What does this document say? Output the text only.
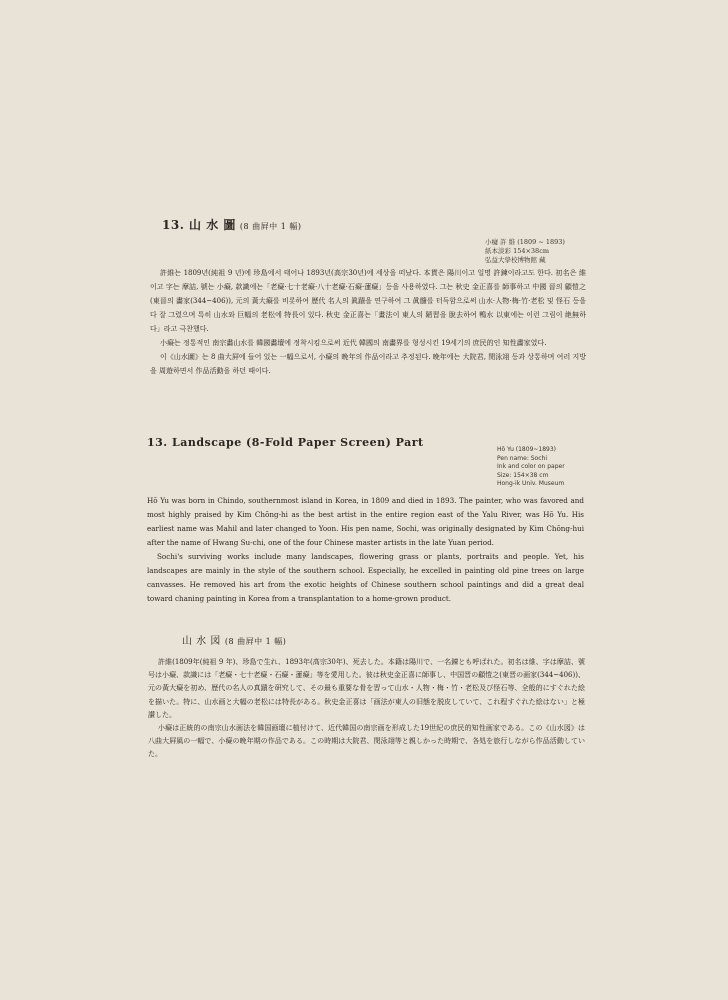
13. 山 水 圖 (8 曲屛中 1 幅)
小癡 許 維 (1809 ~ 1893)
紙本淡彩 154×38cm
弘益大學校博物館 藏

許維는 1809년(純祖 9 년)에 珍島에서 태어나 1893년(高宗30년)에 세상을 떠났다. 本貫은 陽川이고 일명 許鍊이라고도 한다. 初名은 維이고 字는 摩詰, 號는 小癡, 款識에는「老癡·七十老癡·八十老癡·石癡·蓮癡」등을 사용하였다. 그는 秋史 金正喜를 師事하고 中國 晉의 顧愷之(東晉의 畵家(344~406)), 元의 黃大癡를 비롯하여 歷代 名人의 眞蹟을 연구하여 그 眞髓를 터득함으로써 山水·人物·梅·竹·老松 및 怪石 등을 다 잘 그렸으며 특히 山水와 巨幅의 老松에 特長이 있다. 秋史 金正喜는「畫法이 東人의 陋習을 脫去하여 鴨水 以東에는 이런 그림이 絶無하다」라고 극찬했다.

小癡는 정통적인 南宗畵山水를 韓國畵壇에 정착시킴으로써 近代 韓國의 南畵界를 형성시킨 19세기의 庶民的인 知性畵家였다.

이《山水圖》는 8 曲大屛에 들어 있는 一幅으로서, 小癡의 晩年의 作品이라고 추정된다. 晩年에는 大院君, 閔泳翊 등과 상통하며 여러 지방을 周遊하면서 作品活動을 하던 때이다.

13. Landscape (8-Fold Paper Screen) Part
Hŏ Yu (1809~1893)
Pen name: Sochi
Ink and color on paper
Size: 154×38 cm
Hong-ik Univ. Museum

Hŏ Yu was born in Chindo, southernmost island in Korea, in 1809 and died in 1893. The painter, who was favored and most highly praised by Kim Chŏng-hi as the best artist in the entire region east of the Yalu River, was Hŏ Yu. His earliest name was Mahil and later changed to Yoon. His pen name, Sochi, was originally designated by Kim Chŏng-hui after the name of Hwang Su-chi, one of the four Chinese master artists in the late Yuan period.

Sochi's surviving works include many landscapes, flowering grass or plants, portraits and people. Yet, his landscapes are mainly in the style of the southern school. Especially, he excelled in painting old pine trees on large canvasses. He removed his art from the exotic heights of Chinese southern school paintings and did a great deal toward chaning painting in Korea from a transplantation to a home-grown product.

山 水 図 (8 曲屛中 1 幅)

許維(1809年(純祖 9 年)、珍島で生れ、1893年(高宗30年)、死去した。本籍は陽川で、一名錬とも呼ばれた。初名は維、字は摩詰、號号は小癡、款識には「老癡・七十老癡・石癡・蓮癡」等を愛用した。彼は秋史金正喜に師事し、中国晋の顧愷之(東晋の画家(344~406))、元の黃大癡を初め、歴代の名人の真蹟を研究して、その最も重要な骨を習って山水・人物・梅・竹・老松及び怪石等、全般的にすぐれた絵を描いた。特に、山水画と大幅の老松には特長がある。秋史金正喜は「画法が東人の旧態を脱皮していて、これ程すぐれた絵はない」と極讃した。

小癡は正統的の南宗山水画法を韓国画壇に植付けて、近代韓国の南宗画を形成した19世紀の庶民的知性画家である。この《山水図》は八曲大屛風の一幅で、小癡の晩年期の作品である。この時期は大院君、閔泳翊等と親しかった時期で、各処を旅行しながら作品活動していた。
